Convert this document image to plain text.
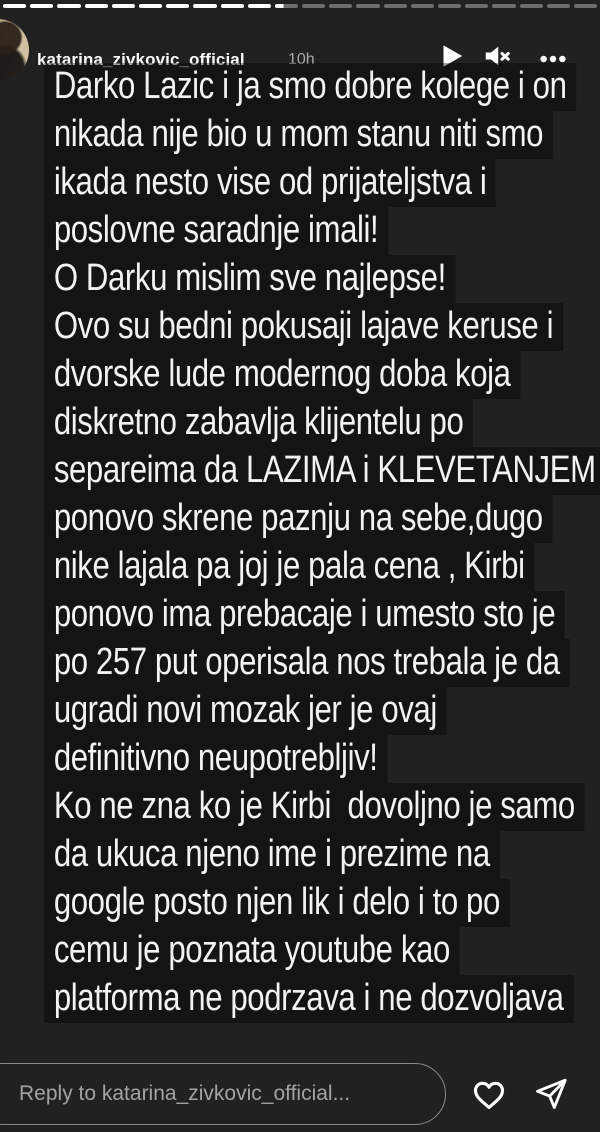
katarina_zivkovic_official	10h
Darko Lazic i ja smo dobre kolege i on
nikada nije bio u mom stanu niti smo
ikada nesto vise od prijateljstva i
poslovne saradnje imali!
O Darku mislim sve najlepse!
Ovo su bedni pokusaji lajave keruse i
dvorske lude modernog doba koja
diskretno zabavlja klijentelu po
separeima da LAZIMA i KLEVETANJEM
ponovo skrene paznju na sebe,dugo
nike lajala pa joj je pala cena , Kirbi
ponovo ima prebacaje i umesto sto je
po 257 put operisala nos trebala je da
ugradi novi mozak jer je ovaj
definitivno neupotrebljiv!
Ko ne zna ko je Kirbi  dovoljno je samo
da ukuca njeno ime i prezime na
google posto njen lik i delo i to po
cemu je poznata youtube kao
platforma ne podrzava i ne dozvoljava
Reply to katarina_zivkovic_official...
